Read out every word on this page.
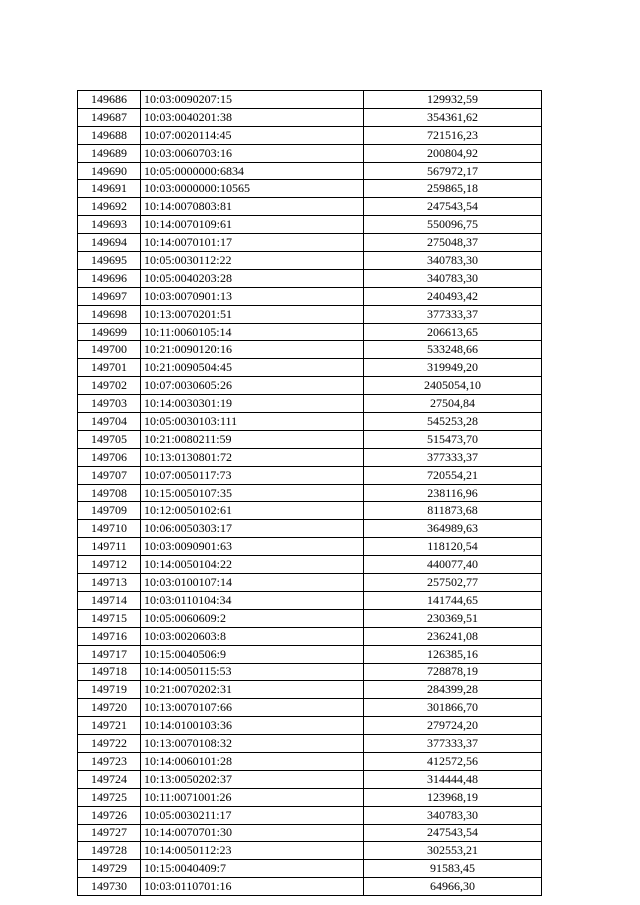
149686	10:03:0090207:15	129932,59
149687	10:03:0040201:38	354361,62
149688	10:07:0020114:45	721516,23
149689	10:03:0060703:16	200804,92
149690	10:05:0000000:6834	567972,17
149691	10:03:0000000:10565	259865,18
149692	10:14:0070803:81	247543,54
149693	10:14:0070109:61	550096,75
149694	10:14:0070101:17	275048,37
149695	10:05:0030112:22	340783,30
149696	10:05:0040203:28	340783,30
149697	10:03:0070901:13	240493,42
149698	10:13:0070201:51	377333,37
149699	10:11:0060105:14	206613,65
149700	10:21:0090120:16	533248,66
149701	10:21:0090504:45	319949,20
149702	10:07:0030605:26	2405054,10
149703	10:14:0030301:19	27504,84
149704	10:05:0030103:111	545253,28
149705	10:21:0080211:59	515473,70
149706	10:13:0130801:72	377333,37
149707	10:07:0050117:73	720554,21
149708	10:15:0050107:35	238116,96
149709	10:12:0050102:61	811873,68
149710	10:06:0050303:17	364989,63
149711	10:03:0090901:63	118120,54
149712	10:14:0050104:22	440077,40
149713	10:03:0100107:14	257502,77
149714	10:03:0110104:34	141744,65
149715	10:05:0060609:2	230369,51
149716	10:03:0020603:8	236241,08
149717	10:15:0040506:9	126385,16
149718	10:14:0050115:53	728878,19
149719	10:21:0070202:31	284399,28
149720	10:13:0070107:66	301866,70
149721	10:14:0100103:36	279724,20
149722	10:13:0070108:32	377333,37
149723	10:14:0060101:28	412572,56
149724	10:13:0050202:37	314444,48
149725	10:11:0071001:26	123968,19
149726	10:05:0030211:17	340783,30
149727	10:14:0070701:30	247543,54
149728	10:14:0050112:23	302553,21
149729	10:15:0040409:7	91583,45
149730	10:03:0110701:16	64966,30
